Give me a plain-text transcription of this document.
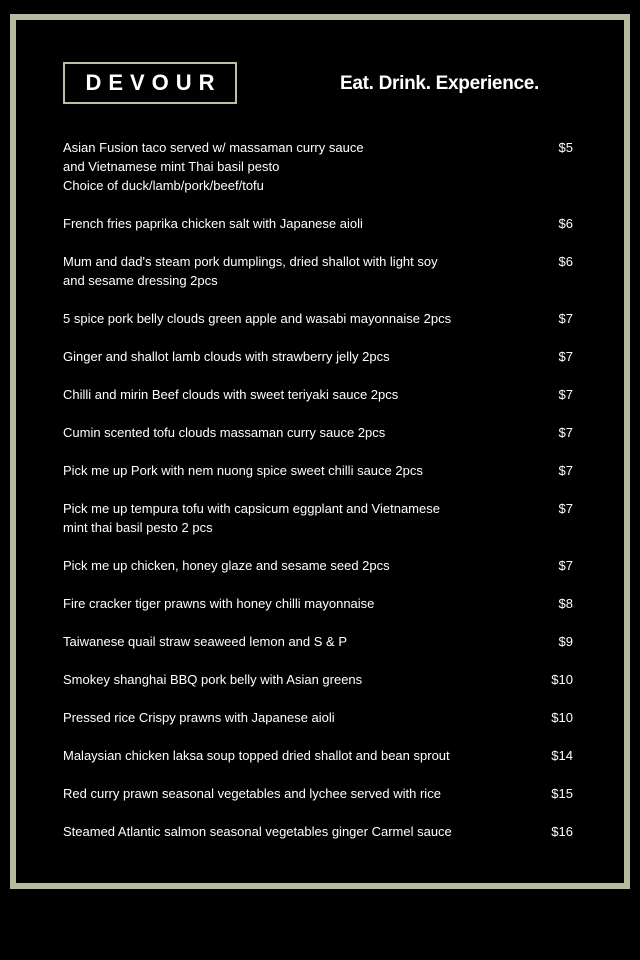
DEVOUR	Eat. Drink. Experience.
Asian Fusion taco served w/ massaman curry sauce
and Vietnamese mint Thai basil pesto
Choice of duck/lamb/pork/beef/tofu
$5
French fries paprika chicken salt with Japanese aioli	$6
Mum and dad's steam pork dumplings, dried shallot with light soy
and sesame dressing 2pcs
$6
5 spice pork belly clouds green apple and wasabi mayonnaise 2pcs	$7
Ginger and shallot lamb clouds with strawberry jelly 2pcs	$7
Chilli and mirin Beef clouds with sweet teriyaki sauce 2pcs	$7
Cumin scented tofu clouds massaman curry sauce 2pcs	$7
Pick me up Pork with nem nuong spice sweet chilli sauce 2pcs	$7
Pick me up tempura tofu with capsicum eggplant and Vietnamese
mint thai basil pesto 2 pcs
$7
Pick me up chicken, honey glaze and sesame seed 2pcs	$7
Fire cracker tiger prawns with honey chilli mayonnaise	$8
Taiwanese quail straw seaweed lemon and S & P	$9
Smokey shanghai BBQ pork belly with Asian greens	$10
Pressed rice Crispy prawns with Japanese aioli	$10
Malaysian chicken laksa soup topped dried shallot and bean sprout	$14
Red curry prawn seasonal vegetables and lychee served with rice	$15
Steamed Atlantic salmon seasonal vegetables ginger Carmel sauce	$16
